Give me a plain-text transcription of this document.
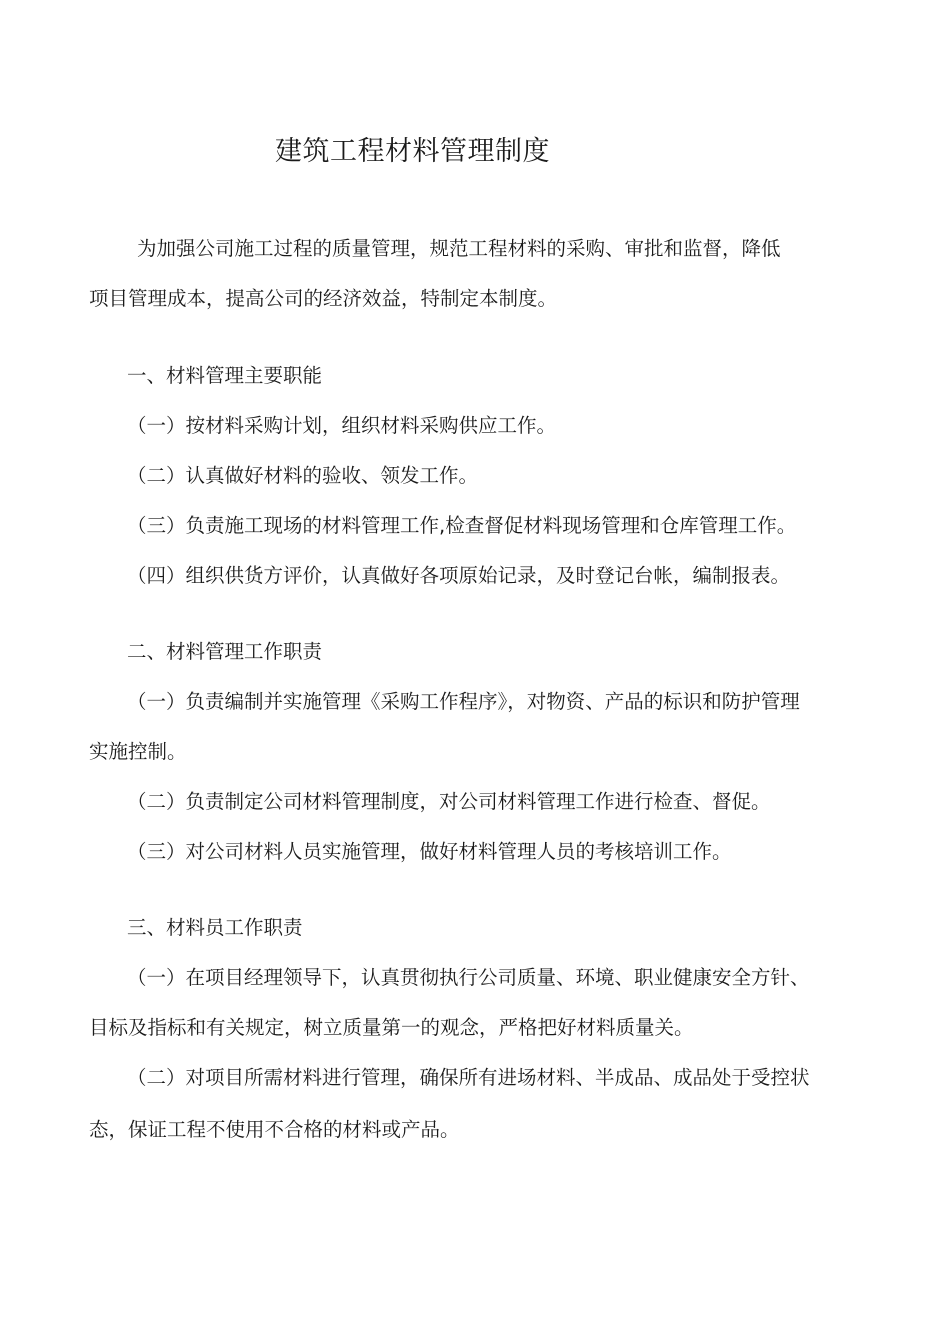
建筑工程材料管理制度
为加强公司施工过程的质量管理，规范工程材料的采购、审批和监督，降低
项目管理成本，提高公司的经济效益，特制定本制度。
一、材料管理主要职能
（一）按材料采购计划，组织材料采购供应工作。
（二）认真做好材料的验收、领发工作。
（三）负责施工现场的材料管理工作,检查督促材料现场管理和仓库管理工作。
（四）组织供货方评价，认真做好各项原始记录，及时登记台帐，编制报表。
二、材料管理工作职责
（一）负责编制并实施管理《采购工作程序》，对物资、产品的标识和防护管理
实施控制。
（二）负责制定公司材料管理制度，对公司材料管理工作进行检查、督促。
（三）对公司材料人员实施管理，做好材料管理人员的考核培训工作。
三、材料员工作职责
（一）在项目经理领导下，认真贯彻执行公司质量、环境、职业健康安全方针、
目标及指标和有关规定，树立质量第一的观念，严格把好材料质量关。
（二）对项目所需材料进行管理，确保所有进场材料、半成品、成品处于受控状
态，保证工程不使用不合格的材料或产品。
